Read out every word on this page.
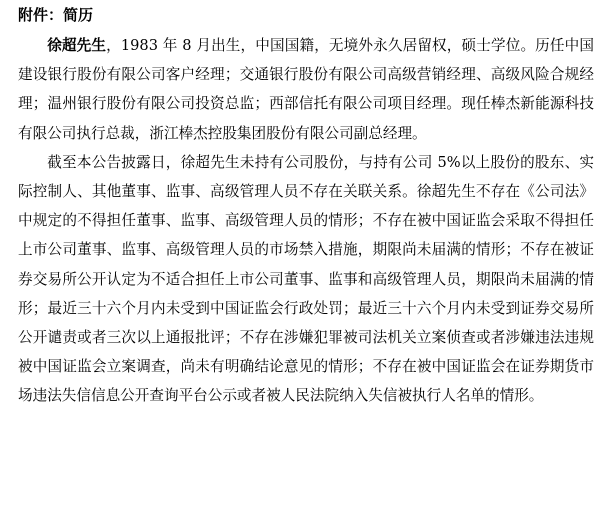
附件：简历

徐超先生，1983 年 8 月出生，中国国籍，无境外永久居留权，硕士学位。历任中国建设银行股份有限公司客户经理；交通银行股份有限公司高级营销经理、高级风险合规经理；温州银行股份有限公司投资总监；西部信托有限公司项目经理。现任棒杰新能源科技有限公司执行总裁，浙江棒杰控股集团股份有限公司副总经理。

截至本公告披露日，徐超先生未持有公司股份，与持有公司 5%以上股份的股东、实际控制人、其他董事、监事、高级管理人员不存在关联关系。徐超先生不存在《公司法》中规定的不得担任董事、监事、高级管理人员的情形；不存在被中国证监会采取不得担任上市公司董事、监事、高级管理人员的市场禁入措施，期限尚未届满的情形；不存在被证券交易所公开认定为不适合担任上市公司董事、监事和高级管理人员，期限尚未届满的情形；最近三十六个月内未受到中国证监会行政处罚；最近三十六个月内未受到证券交易所公开谴责或者三次以上通报批评；不存在涉嫌犯罪被司法机关立案侦查或者涉嫌违法违规被中国证监会立案调查，尚未有明确结论意见的情形；不存在被中国证监会在证券期货市场违法失信信息公开查询平台公示或者被人民法院纳入失信被执行人名单的情形。
